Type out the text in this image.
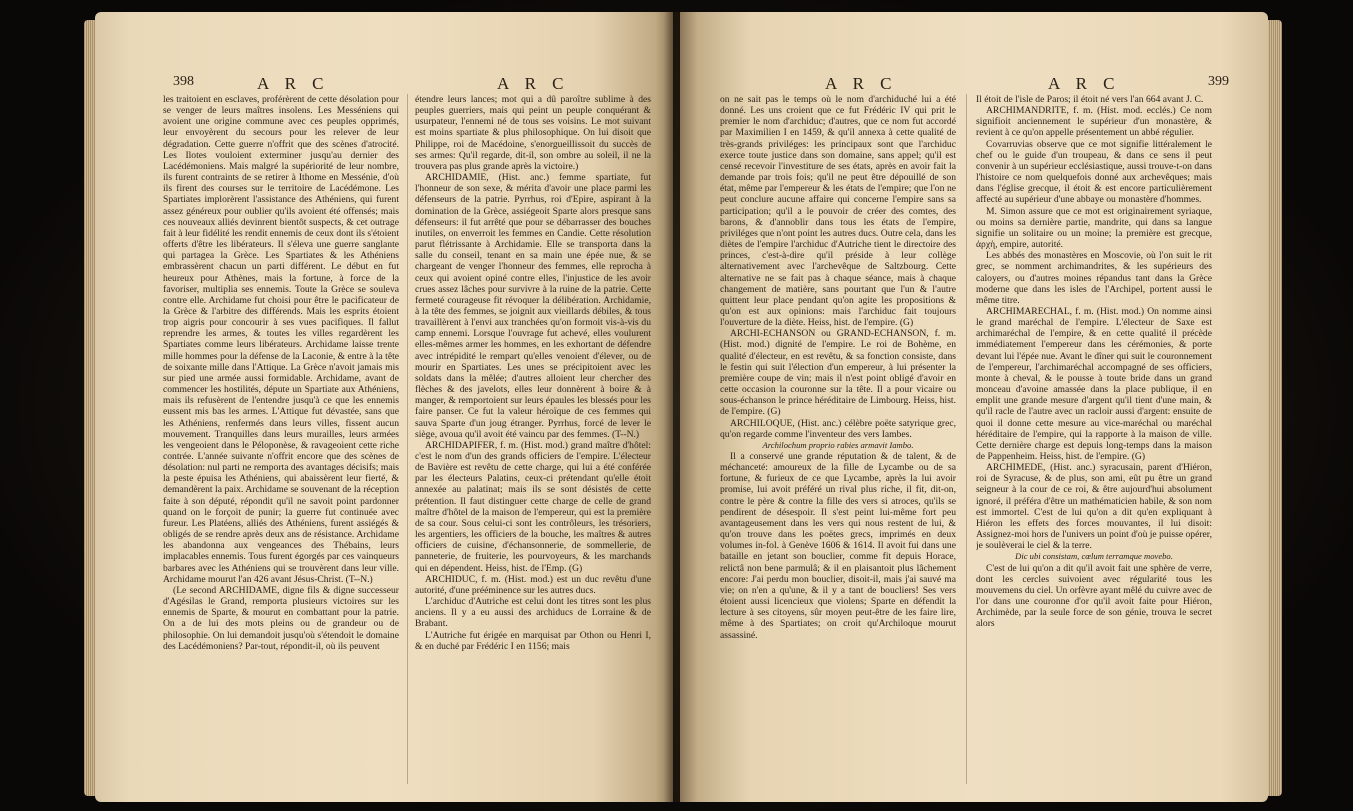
398	A R C	A R C

les traitoient en esclaves, proférèrent de cette désolation pour se venger de leurs maîtres insolens. Les Messéniens qui avoient une origine commune avec ces peuples opprimés, leur envoyèrent du secours pour les relever de leur dégradation. Cette guerre n'offrit que des scènes d'atrocité. Les Ilotes vouloient exterminer jusqu'au dernier des Lacédémoniens. Mais malgré la supériorité de leur nombre, ils furent contraints de se retirer à Ithome en Messénie, d'où ils firent des courses sur le territoire de Lacédémone. Les Spartiates implorèrent l'assistance des Athéniens, qui furent assez généreux pour oublier qu'ils avoient été offensés; mais ces nouveaux alliés devinrent bientôt suspects, & cet outrage fait à leur fidélité les rendit ennemis de ceux dont ils s'étoient offerts d'être les libérateurs. Il s'éleva une guerre sanglante qui partagea la Grèce. Les Spartiates & les Athéniens embrassèrent chacun un parti différent. Le début en fut heureux pour Athènes, mais la fortune, à force de la favoriser, multiplia ses ennemis. Toute la Grèce se souleva contre elle. Archidame fut choisi pour être le pacificateur de la Grèce & l'arbitre des différends. Mais les esprits étoient trop aigris pour concourir à ses vues pacifiques. Il fallut reprendre les armes, & toutes les villes regardèrent les Spartiates comme leurs libérateurs. Archidame laisse trente mille hommes pour la défense de la Laconie, & entre à la tête de soixante mille dans l'Attique. La Grèce n'avoit jamais mis sur pied une armée aussi formidable. Archidame, avant de commencer les hostilités, députe un Spartiate aux Athéniens, mais ils refusèrent de l'entendre jusqu'à ce que les ennemis eussent mis bas les armes. L'Attique fut dévastée, sans que les Athéniens, renfermés dans leurs villes, fissent aucun mouvement. Tranquilles dans leurs murailles, leurs armées les vengeoient dans le Péloponèse, & ravageoient cette riche contrée. L'année suivante n'offrit encore que des scènes de désolation: nul parti ne remporta des avantages décisifs; mais la peste épuisa les Athéniens, qui abaissèrent leur fierté, & demandèrent la paix. Archidame se souvenant de la réception faite à son député, répondit qu'il ne savoit point pardonner quand on le forçoit de punir; la guerre fut continuée avec fureur. Les Platéens, alliés des Athéniens, furent assiégés & obligés de se rendre après deux ans de résistance. Archidame les abandonna aux vengeances des Thébains, leurs implacables ennemis. Tous furent égorgés par ces vainqueurs barbares avec les Athéniens qui se trouvèrent dans leur ville. Archidame mourut l'an 426 avant Jésus-Christ. (T--N.)

(Le second ARCHIDAME, digne fils & digne successeur d'Agésilas le Grand, remporta plusieurs victoires sur les ennemis de Sparte, & mourut en combattant pour la patrie. On a de lui des mots pleins ou de grandeur ou de philosophie. On lui demandoit jusqu'où s'étendoit le domaine des Lacédémoniens? Par-tout, répondit-il, où ils peuvent

étendre leurs lances; mot qui a dû paroître sublime à des peuples guerriers, mais qui peint un peuple conquérant & usurpateur, l'ennemi né de tous ses voisins. Le mot suivant est moins spartiate & plus philosophique. On lui disoit que Philippe, roi de Macédoine, s'enorgueillissoit du succès de ses armes: Qu'il regarde, dit-il, son ombre au soleil, il ne la trouvera pas plus grande après la victoire.)

ARCHIDAMIE, (Hist. anc.) femme spartiate, fut l'honneur de son sexe, & mérita d'avoir une place parmi les défenseurs de la patrie. Pyrrhus, roi d'Epire, aspirant à la domination de la Grèce, assiégeoit Sparte alors presque sans défenseurs: il fut arrêté que pour se débarrasser des bouches inutiles, on enverroit les femmes en Candie. Cette résolution parut flétrissante à Archidamie. Elle se transporta dans la salle du conseil, tenant en sa main une épée nue, & se chargeant de venger l'honneur des femmes, elle reprocha à ceux qui avoient opiné contre elles, l'injustice de les avoir crues assez lâches pour survivre à la ruine de la patrie. Cette fermeté courageuse fit révoquer la délibération. Archidamie, à la tête des femmes, se joignit aux vieillards débiles, & tous travaillèrent à l'envi aux tranchées qu'on formoit vis-à-vis du camp ennemi. Lorsque l'ouvrage fut achevé, elles voulurent elles-mêmes armer les hommes, en les exhortant de défendre avec intrépidité le rempart qu'elles venoient d'élever, ou de mourir en Spartiates. Les unes se précipitoient avec les soldats dans la mêlée; d'autres alloient leur chercher des flèches & des javelots, elles leur donnèrent à boire & à manger, & remportoient sur leurs épaules les blessés pour les faire panser. Ce fut la valeur héroïque de ces femmes qui sauva Sparte d'un joug étranger. Pyrrhus, forcé de lever le siège, avoua qu'il avoit été vaincu par des femmes. (T--N.)

ARCHIDAPIFER, f. m. (Hist. mod.) grand maître d'hôtel: c'est le nom d'un des grands officiers de l'empire. L'électeur de Bavière est revêtu de cette charge, qui lui a été conférée par les électeurs Palatins, ceux-ci prétendant qu'elle étoit annexée au palatinat; mais ils se sont désistés de cette prétention. Il faut distinguer cette charge de celle de grand maître d'hôtel de la maison de l'empereur, qui est la première de sa cour. Sous celui-ci sont les contrôleurs, les trésoriers, les argentiers, les officiers de la bouche, les maîtres & autres officiers de cuisine, d'échansonnerie, de sommellerie, de panneterie, de fruiterie, les pourvoyeurs, & les marchands qui en dépendent. Heiss, hist. de l'Emp. (G)

ARCHIDUC, f. m. (Hist. mod.) est un duc revêtu d'une autorité, d'une prééminence sur les autres ducs.

L'archiduc d'Autriche est celui dont les titres sont les plus anciens. Il y a eu aussi des archiducs de Lorraine & de Brabant.

L'Autriche fut érigée en marquisat par Othon ou Henri I, & en duché par Frédéric I en 1156; mais

A R C	A R C	399

on ne sait pas le temps où le nom d'archiduché lui a été donné. Les uns croient que ce fut Frédéric IV qui prit le premier le nom d'archiduc; d'autres, que ce nom fut accordé par Maximilien I en 1459, & qu'il annexa à cette qualité de très-grands priviléges: les principaux sont que l'archiduc exerce toute justice dans son domaine, sans appel; qu'il est censé recevoir l'investiture de ses états, après en avoir fait la demande par trois fois; qu'il ne peut être dépouillé de son état, même par l'empereur & les états de l'empire; que l'on ne peut conclure aucune affaire qui concerne l'empire sans sa participation; qu'il a le pouvoir de créer des comtes, des barons, & d'annoblir dans tous les états de l'empire, priviléges que n'ont point les autres ducs. Outre cela, dans les diètes de l'empire l'archiduc d'Autriche tient le directoire des princes, c'est-à-dire qu'il préside à leur collège alternativement avec l'archevêque de Saltzbourg. Cette alternative ne se fait pas à chaque séance, mais à chaque changement de matière, sans pourtant que l'un & l'autre quittent leur place pendant qu'on agite les propositions & qu'on est aux opinions: mais l'archiduc fait toujours l'ouverture de la diète. Heiss, hist. de l'empire. (G)

ARCHI-ECHANSON ou GRAND-ECHANSON, f. m. (Hist. mod.) dignité de l'empire. Le roi de Bohème, en qualité d'électeur, en est revêtu, & sa fonction consiste, dans le festin qui suit l'élection d'un empereur, à lui présenter la première coupe de vin; mais il n'est point obligé d'avoir en cette occasion la couronne sur la tête. Il a pour vicaire ou sous-échanson le prince héréditaire de Limbourg. Heiss, hist. de l'empire. (G)

ARCHILOQUE, (Hist. anc.) célèbre poëte satyrique grec, qu'on regarde comme l'inventeur des vers Iambes.

Archilochum proprio rabies armavit Iambo.

Il a conservé une grande réputation & de talent, & de méchanceté: amoureux de la fille de Lycambe ou de sa fortune, & furieux de ce que Lycambe, après la lui avoir promise, lui avoit préféré un rival plus riche, il fit, dit-on, contre le père & contre la fille des vers si atroces, qu'ils se pendirent de désespoir. Il s'est peint lui-même fort peu avantageusement dans les vers qui nous restent de lui, & qu'on trouve dans les poëtes grecs, imprimés en deux volumes in-fol. à Genève 1606 & 1614. Il avoit fui dans une bataille en jetant son bouclier, comme fit depuis Horace, relictâ non bene parmulâ; & il en plaisantoit plus lâchement encore: J'ai perdu mon bouclier, disoit-il, mais j'ai sauvé ma vie; on n'en a qu'une, & il y a tant de boucliers! Ses vers étoient aussi licencieux que violens; Sparte en défendit la lecture à ses citoyens, sûr moyen peut-être de les faire lire, même à des Spartiates; on croit qu'Archiloque mourut assassiné.

Il étoit de l'isle de Paros; il étoit né vers l'an 664 avant J. C.

ARCHIMANDRITE, f. m. (Hist. mod. ecclés.) Ce nom signifioit anciennement le supérieur d'un monastère, & revient à ce qu'on appelle présentement un abbé régulier.

Covarruvias observe que ce mot signifie littéralement le chef ou le guide d'un troupeau, & dans ce sens il peut convenir à un supérieur ecclésiastique, aussi trouve-t-on dans l'histoire ce nom quelquefois donné aux archevêques; mais dans l'église grecque, il étoit & est encore particulièrement affecté au supérieur d'une abbaye ou monastère d'hommes.

M. Simon assure que ce mot est originairement syriaque, ou moins sa dernière partie, mandrite, qui dans sa langue signifie un solitaire ou un moine; la première est grecque, ἀρχὴ, empire, autorité.

Les abbés des monastères en Moscovie, où l'on suit le rit grec, se nomment archimandrites, & les supérieurs des caloyers, ou d'autres moines répandus tant dans la Grèce moderne que dans les isles de l'Archipel, portent aussi le même titre.

ARCHIMARECHAL, f. m. (Hist. mod.) On nomme ainsi le grand maréchal de l'empire. L'électeur de Saxe est archimaréchal de l'empire, & en cette qualité il précède immédiatement l'empereur dans les cérémonies, & porte devant lui l'épée nue. Avant le dîner qui suit le couronnement de l'empereur, l'archimaréchal accompagné de ses officiers, monte à cheval, & le pousse à toute bride dans un grand monceau d'avoine amassée dans la place publique, il en emplit une grande mesure d'argent qu'il tient d'une main, & qu'il racle de l'autre avec un racloir aussi d'argent: ensuite de quoi il donne cette mesure au vice-maréchal ou maréchal héréditaire de l'empire, qui la rapporte à la maison de ville. Cette dernière charge est depuis long-temps dans la maison de Pappenheim. Heiss, hist. de l'empire. (G)

ARCHIMEDE, (Hist. anc.) syracusain, parent d'Hiéron, roi de Syracuse, & de plus, son ami, eût pu être un grand seigneur à la cour de ce roi, & être aujourd'hui absolument ignoré, il préféra d'être un mathématicien habile, & son nom est immortel. C'est de lui qu'on a dit qu'en expliquant à Hiéron les effets des forces mouvantes, il lui disoit: Assignez-moi hors de l'univers un point d'où je puisse opérer, je soulèverai le ciel & la terre.

Dic ubi consistam, cœlum terramque movebo.

C'est de lui qu'on a dit qu'il avoit fait une sphère de verre, dont les cercles suivoient avec régularité tous les mouvemens du ciel. Un orfèvre ayant mêlé du cuivre avec de l'or dans une couronne d'or qu'il avoit faite pour Hiéron, Archimède, par la seule force de son génie, trouva le secret alors
